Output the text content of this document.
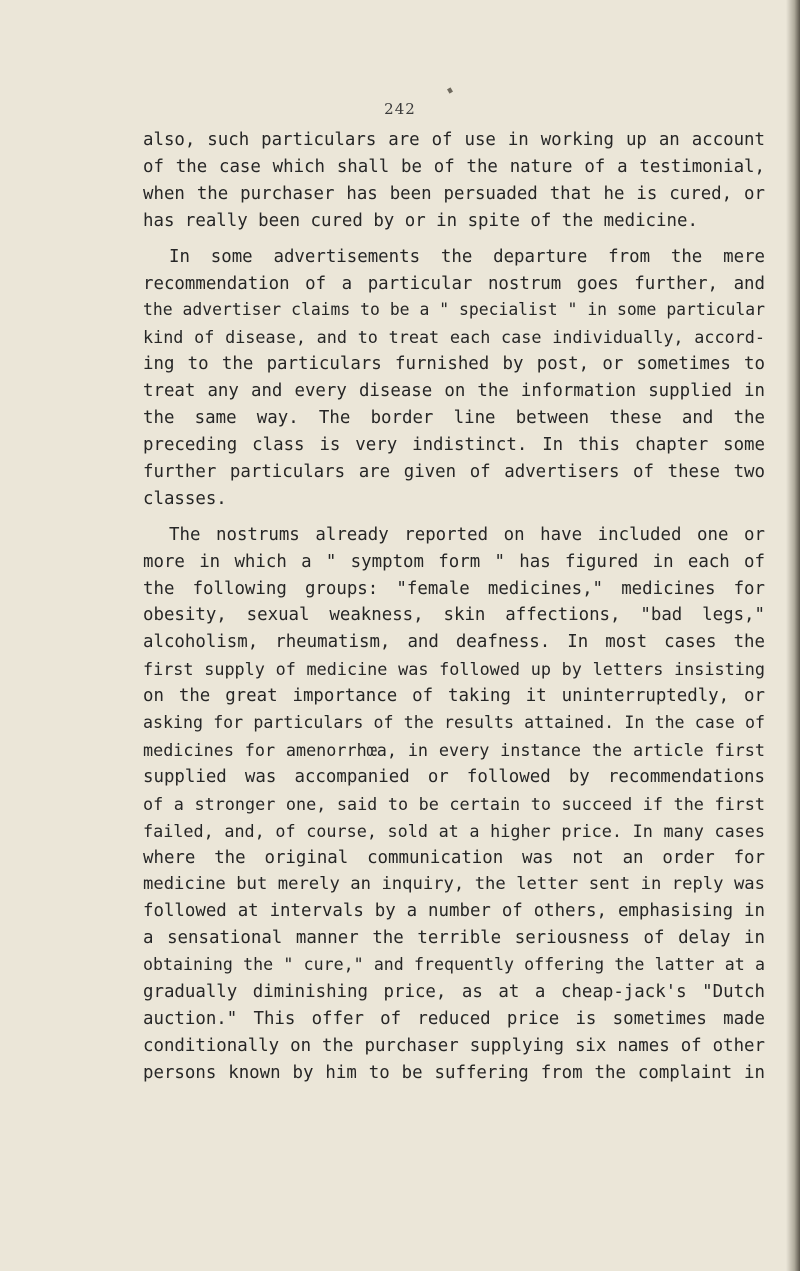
242
also, such particulars are of use in working up an account
of the case which shall be of the nature of a testimonial,
when the purchaser has been persuaded that he is cured, or
has really been cured by or in spite of the medicine.
In some advertisements the departure from the mere
recommendation of a particular nostrum goes further, and
the advertiser claims to be a " specialist " in some particular
kind of disease, and to treat each case individually, accord-
ing to the particulars furnished by post, or sometimes to
treat any and every disease on the information supplied in
the same way. The border line between these and the
preceding class is very indistinct. In this chapter some
further particulars are given of advertisers of these two
classes.
The nostrums already reported on have included one or
more in which a " symptom form " has figured in each of
the following groups: "female medicines," medicines for
obesity, sexual weakness, skin affections, "bad legs,"
alcoholism, rheumatism, and deafness. In most cases the
first supply of medicine was followed up by letters insisting
on the great importance of taking it uninterruptedly, or
asking for particulars of the results attained. In the case of
medicines for amenorrhœa, in every instance the article first
supplied was accompanied or followed by recommendations
of a stronger one, said to be certain to succeed if the first
failed, and, of course, sold at a higher price. In many cases
where the original communication was not an order for
medicine but merely an inquiry, the letter sent in reply was
followed at intervals by a number of others, emphasising in
a sensational manner the terrible seriousness of delay in
obtaining the " cure," and frequently offering the latter at a
gradually diminishing price, as at a cheap-jack's "Dutch
auction." This offer of reduced price is sometimes made
conditionally on the purchaser supplying six names of other
persons known by him to be suffering from the complaint in
